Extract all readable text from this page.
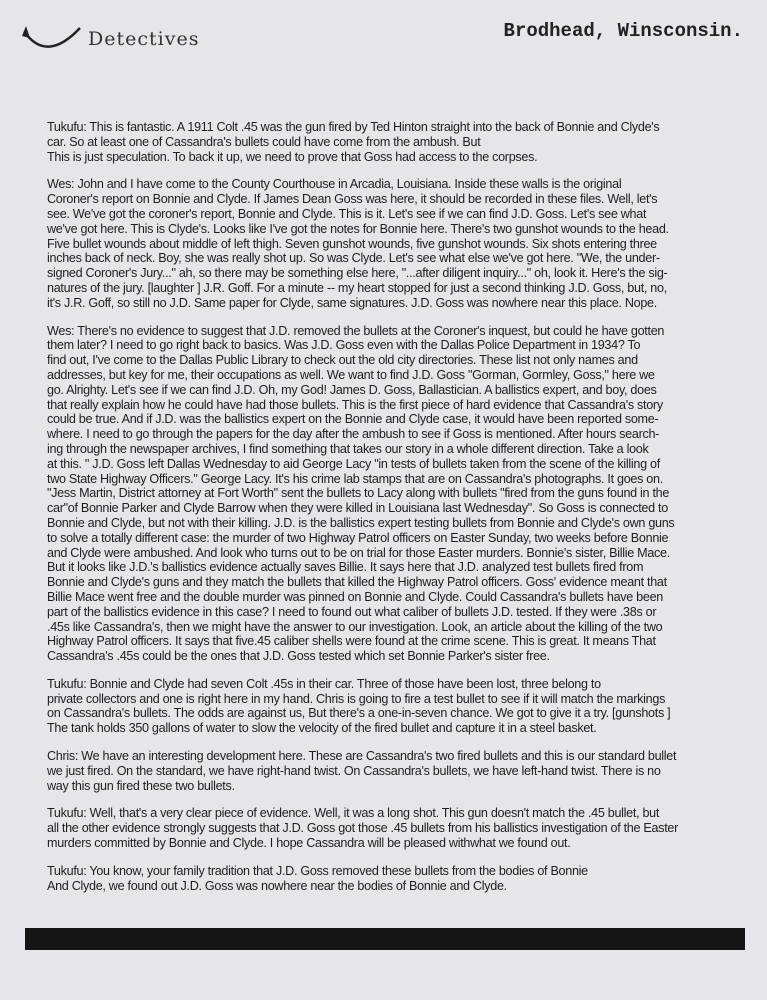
Detectives	Brodhead, Winsconsin.
Tukufu: This is fantastic. A 1911 Colt .45 was the gun fired by Ted Hinton straight into the back of Bonnie and Clyde's
car. So at least one of Cassandra's bullets could have come from the ambush. But
This is just speculation. To back it up, we need to prove that Goss had access to the corpses.
Wes: John and I have come to the County Courthouse in Arcadia, Louisiana. Inside these walls is the original
Coroner's report on Bonnie and Clyde. If James Dean Goss was here, it should be recorded in these files. Well, let's
see. We've got the coroner's report, Bonnie and Clyde. This is it. Let's see if we can find J.D. Goss. Let's see what
we've got here. This is Clyde's. Looks like I've got the notes for Bonnie here. There's two gunshot wounds to the head.
Five bullet wounds about middle of left thigh. Seven gunshot wounds, five gunshot wounds. Six shots entering three
inches back of neck. Boy, she was really shot up. So was Clyde. Let's see what else we've got here. "We, the under-
signed Coroner's Jury..." ah, so there may be something else here, "...after diligent inquiry..." oh, look it. Here's the sig-
natures of the jury. [laughter ] J.R. Goff. For a minute -- my heart stopped for just a second thinking J.D. Goss, but, no,
it's J.R. Goff, so still no J.D. Same paper for Clyde, same signatures. J.D. Goss was nowhere near this place. Nope.
Wes: There's no evidence to suggest that J.D. removed the bullets at the Coroner's inquest, but could he have gotten
them later? I need to go right back to basics. Was J.D. Goss even with the Dallas Police Department in 1934? To
find out, I've come to the Dallas Public Library to check out the old city directories. These list not only names and
addresses, but key for me, their occupations as well. We want to find J.D. Goss "Gorman, Gormley, Goss," here we
go. Alrighty. Let's see if we can find J.D. Oh, my God! James D. Goss, Ballastician. A ballistics expert, and boy, does
that really explain how he could have had those bullets. This is the first piece of hard evidence that Cassandra's story
could be true. And if J.D. was the ballistics expert on the Bonnie and Clyde case, it would have been reported some-
where. I need to go through the papers for the day after the ambush to see if Goss is mentioned. After hours search-
ing through the newspaper archives, I find something that takes our story in a whole different direction. Take a look
at this. " J.D. Goss left Dallas Wednesday to aid George Lacy "in tests of bullets taken from the scene of the killing of
two State Highway Officers." George Lacy. It's his crime lab stamps that are on Cassandra's photographs. It goes on.
"Jess Martin, District attorney at Fort Worth" sent the bullets to Lacy along with bullets "fired from the guns found in the
car"of Bonnie Parker and Clyde Barrow when they were killed in Louisiana last Wednesday". So Goss is connected to
Bonnie and Clyde, but not with their killing. J.D. is the ballistics expert testing bullets from Bonnie and Clyde's own guns
to solve a totally different case: the murder of two Highway Patrol officers on Easter Sunday, two weeks before Bonnie
and Clyde were ambushed. And look who turns out to be on trial for those Easter murders. Bonnie's sister, Billie Mace.
But it looks like J.D.'s ballistics evidence actually saves Billie. It says here that J.D. analyzed test bullets fired from
Bonnie and Clyde's guns and they match the bullets that killed the Highway Patrol officers. Goss' evidence meant that
Billie Mace went free and the double murder was pinned on Bonnie and Clyde. Could Cassandra's bullets have been
part of the ballistics evidence in this case? I need to found out what caliber of bullets J.D. tested. If they were .38s or
.45s like Cassandra's, then we might have the answer to our investigation. Look, an article about the killing of the two
Highway Patrol officers. It says that five.45 caliber shells were found at the crime scene. This is great. It means That
Cassandra's .45s could be the ones that J.D. Goss tested which set Bonnie Parker's sister free.
Tukufu: Bonnie and Clyde had seven Colt .45s in their car. Three of those have been lost, three belong to
private collectors and one is right here in my hand. Chris is going to fire a test bullet to see if it will match the markings
on Cassandra's bullets. The odds are against us, But there's a one-in-seven chance. We got to give it a try. [gunshots ]
The tank holds 350 gallons of water to slow the velocity of the fired bullet and capture it in a steel basket.
Chris: We have an interesting development here. These are Cassandra's two fired bullets and this is our standard bullet
we just fired. On the standard, we have right-hand twist. On Cassandra's bullets, we have left-hand twist. There is no
way this gun fired these two bullets.
Tukufu: Well, that's a very clear piece of evidence. Well, it was a long shot. This gun doesn't match the .45 bullet, but
all the other evidence strongly suggests that J.D. Goss got those .45 bullets from his ballistics investigation of the Easter
murders committed by Bonnie and Clyde. I hope Cassandra will be pleased withwhat we found out.
Tukufu: You know, your family tradition that J.D. Goss removed these bullets from the bodies of Bonnie
And Clyde, we found out J.D. Goss was nowhere near the bodies of Bonnie and Clyde.
